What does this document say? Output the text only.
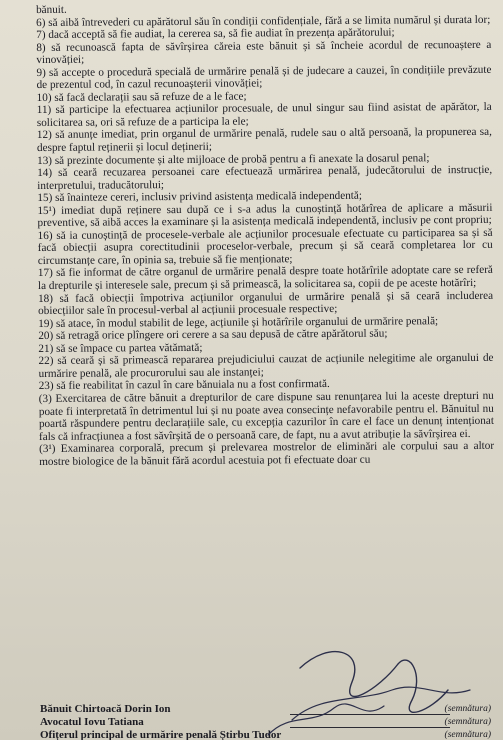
bănuit.

6) să aibă întrevederi cu apărătorul său în condiții confidențiale, fără a se limita numărul și durata lor;

7) dacă acceptă să fie audiat, la cererea sa, să fie audiat în prezența apărătorului;

8) să recunoască fapta de săvîrșirea căreia este bănuit și să încheie acordul de recunoaștere a vinovăției;

9) să accepte o procedură specială de urmărire penală și de judecare a cauzei, în condițiile prevăzute de prezentul cod, în cazul recunoașterii vinovăției;

10) să facă declarații sau să refuze de a le face;

11) să participe la efectuarea acțiunilor procesuale, de unul singur sau fiind asistat de apărător, la solicitarea sa, ori să refuze de a participa la ele;

12) să anunțe imediat, prin organul de urmărire penală, rudele sau o altă persoană, la propunerea sa, despre faptul reținerii și locul deținerii;

13) să prezinte documente și alte mijloace de probă pentru a fi anexate la dosarul penal;

14) să ceară recuzarea persoanei care efectuează urmărirea penală, judecătorului de instrucție, interpretului, traducătorului;

15) să înainteze cereri, inclusiv privind asistența medicală independentă;

15¹) imediat după reținere sau după ce i s-a adus la cunoștință hotărîrea de aplicare a măsurii preventive, să aibă acces la examinare și la asistența medicală independentă, inclusiv pe cont propriu;

16) să ia cunoștință de procesele-verbale ale acțiunilor procesuale efectuate cu participarea sa și să facă obiecții asupra corectitudinii proceselor-verbale, precum și să ceară completarea lor cu circumstanțe care, în opinia sa, trebuie să fie menționate;

17) să fie informat de către organul de urmărire penală despre toate hotărîrile adoptate care se referă la drepturile și interesele sale, precum și să primească, la solicitarea sa, copii de pe aceste hotărîri;

18) să facă obiecții împotriva acțiunilor organului de urmărire penală și să ceară includerea obiecțiilor sale în procesul-verbal al acțiunii procesuale respective;

19) să atace, în modul stabilit de lege, acțiunile și hotărîrile organului de urmărire penală;

20) să retragă orice plîngere ori cerere a sa sau depusă de către apărătorul său;

21) să se împace cu partea vătămată;

22) să ceară și să primească repararea prejudiciului cauzat de acțiunile nelegitime ale organului de urmărire penală, ale procurorului sau ale instanței;

23) să fie reabilitat în cazul în care bănuiala nu a fost confirmată.

(3) Exercitarea de către bănuit a drepturilor de care dispune sau renunțarea lui la aceste drepturi nu poate fi interpretată în detrimentul lui și nu poate avea consecințe nefavorabile pentru el. Bănuitul nu poartă răspundere pentru declarațiile sale, cu excepția cazurilor în care el face un denunț intenționat fals că infracțiunea a fost săvîrșită de o persoană care, de fapt, nu a avut atribuție la săvîrșirea ei.

(3¹) Examinarea corporală, precum și prelevarea mostrelor de eliminări ale corpului sau a altor mostre biologice de la bănuit fără acordul acestuia pot fi efectuate doar cu

Bănuit Chirtoacă Dorin Ion	(semnătura)
Avocatul Iovu Tatiana	(semnătura)
Ofițerul principal de urmărire penală Știrbu Tudor	(semnătura)
